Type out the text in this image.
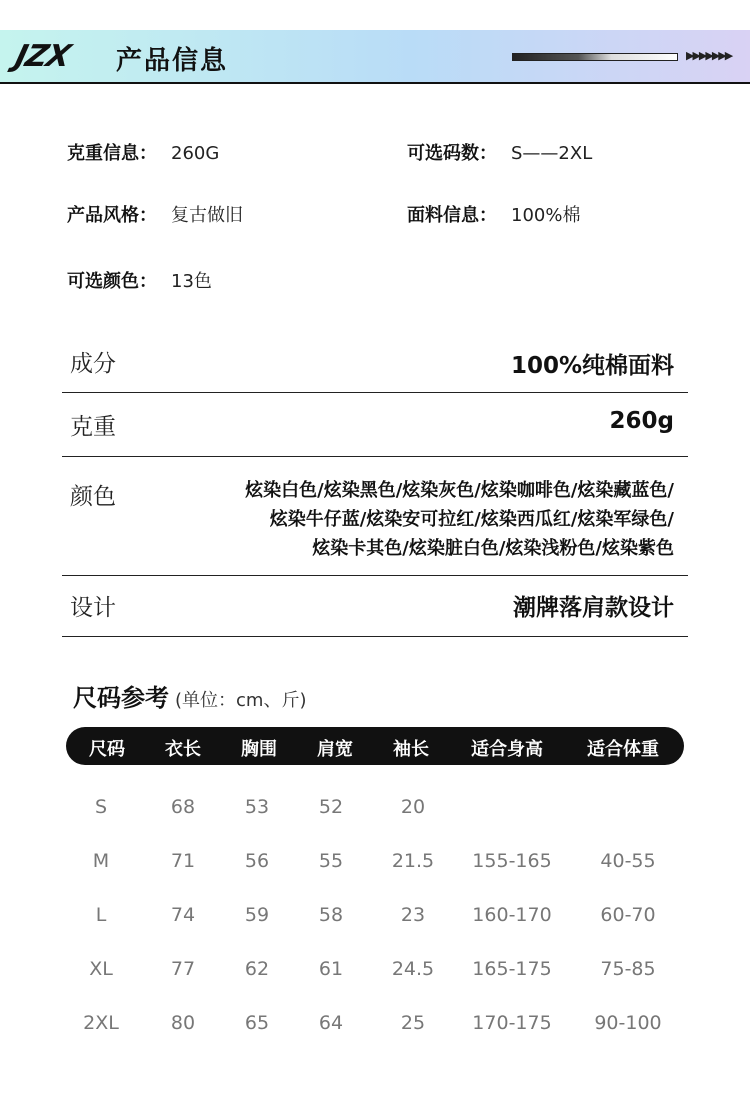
JZX 产品信息	▶▶▶▶▶▶▶
克重信息： 260G	可选码数： S——2XL
产品风格： 复古做旧	面料信息： 100%棉
可选颜色： 13色
成分	100%纯棉面料
克重	260g
颜色	炫染白色/炫染黑色/炫染灰色/炫染咖啡色/炫染藏蓝色/
炫染牛仔蓝/炫染安可拉红/炫染西瓜红/炫染军绿色/
炫染卡其色/炫染脏白色/炫染浅粉色/炫染紫色
设计	潮牌落肩款设计
尺码参考 (单位：cm、斤)
尺码 衣长 胸围 肩宽 袖长 适合身高 适合体重
S	68	53	52	20
M	71	56	55	21.5 155-165	40-55
L	74	59	58	23 160-170	60-70
XL	77	62	61	24.5 165-175	75-85
2XL	80	65	64	25 170-175 90-100
